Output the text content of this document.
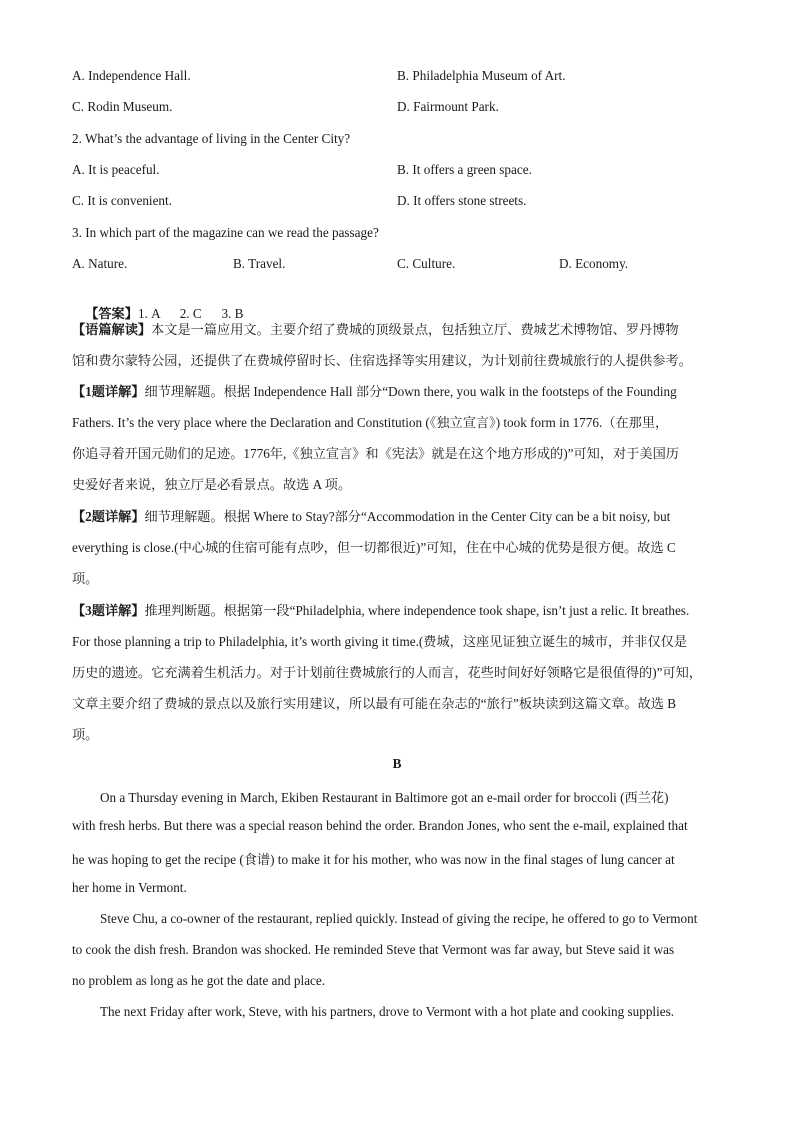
A. Independence Hall.	B. Philadelphia Museum of Art.
C. Rodin Museum.	D. Fairmount Park.
2. What’s the advantage of living in the Center City?
A. It is peaceful.	B. It offers a green space.
C. It is convenient.	D. It offers stone streets.
3. In which part of the magazine can we read the passage?
A. Nature.	B. Travel.	C. Culture.	D. Economy.

【答案】1. A      2. C      3. B

【语篇解读】本文是一篇应用文。主要介绍了费城的顶级景点，包括独立厅、费城艺术博物馆、罗丹博物
馆和费尔蒙特公园，还提供了在费城停留时长、住宿选择等实用建议，为计划前往费城旅行的人提供参考。
【1题详解】细节理解题。根据 Independence Hall 部分“Down there, you walk in the footsteps of the Founding
Fathers. It’s the very place where the Declaration and Constitution (《独立宣言》) took form in 1776.（在那里，
你追寻着开国元勋们的足迹。1776年,《独立宣言》和《宪法》就是在这个地方形成的)”可知，对于美国历
史爱好者来说，独立厅是必看景点。故选 A 项。
【2题详解】细节理解题。根据 Where to Stay?部分“Accommodation in the Center City can be a bit noisy, but
everything is close.(中心城的住宿可能有点吵，但一切都很近)”可知，住在中心城的优势是很方便。故选 C
项。
【3题详解】推理判断题。根据第一段“Philadelphia, where independence took shape, isn’t just a relic. It breathes.
For those planning a trip to Philadelphia, it’s worth giving it time.(费城，这座见证独立诞生的城市，并非仅仅是
历史的遗迹。它充满着生机活力。对于计划前往费城旅行的人而言，花些时间好好领略它是很值得的)”可知，
文章主要介绍了费城的景点以及旅行实用建议，所以最有可能在杂志的“旅行”板块读到这篇文章。故选 B
项。
B
On a Thursday evening in March, Ekiben Restaurant in Baltimore got an e-mail order for broccoli (西兰花)
with fresh herbs. But there was a special reason behind the order. Brandon Jones, who sent the e-mail, explained that
he was hoping to get the recipe (食谱) to make it for his mother, who was now in the final stages of lung cancer at
her home in Vermont.
Steve Chu, a co-owner of the restaurant, replied quickly. Instead of giving the recipe, he offered to go to Vermont
to cook the dish fresh. Brandon was shocked. He reminded Steve that Vermont was far away, but Steve said it was
no problem as long as he got the date and place.
The next Friday after work, Steve, with his partners, drove to Vermont with a hot plate and cooking supplies.
